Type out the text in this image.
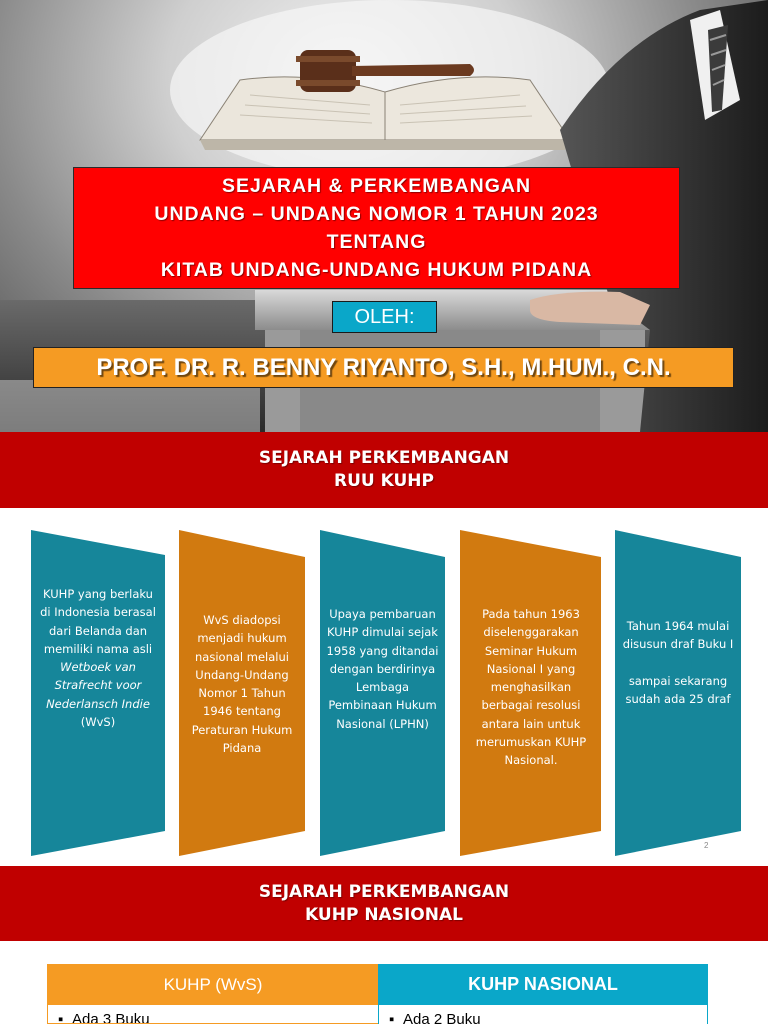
SEJARAH & PERKEMBANGAN
UNDANG – UNDANG NOMOR 1 TAHUN 2023
TENTANG
KITAB UNDANG-UNDANG HUKUM PIDANA
OLEH:
PROF. DR. R. BENNY RIYANTO, S.H., M.HUM., C.N.
SEJARAH PERKEMBANGAN
RUU KUHP
KUHP yang berlaku di Indonesia berasal dari Belanda dan memiliki nama asli Wetboek van Strafrecht voor Nederlansch Indie (WvS)
WvS diadopsi menjadi hukum nasional melalui Undang-Undang Nomor 1 Tahun 1946 tentang Peraturan Hukum Pidana
Upaya pembaruan KUHP dimulai sejak 1958 yang ditandai dengan berdirinya Lembaga Pembinaan Hukum Nasional (LPHN)
Pada tahun 1963 diselenggarakan Seminar Hukum Nasional I yang menghasilkan berbagai resolusi antara lain untuk merumuskan KUHP Nasional.
Tahun 1964 mulai disusun draf Buku I
sampai sekarang sudah ada 25 draf
2
SEJARAH PERKEMBANGAN
KUHP NASIONAL
KUHP (WvS)
▪ Ada 3 Buku
KUHP NASIONAL
▪ Ada 2 Buku
